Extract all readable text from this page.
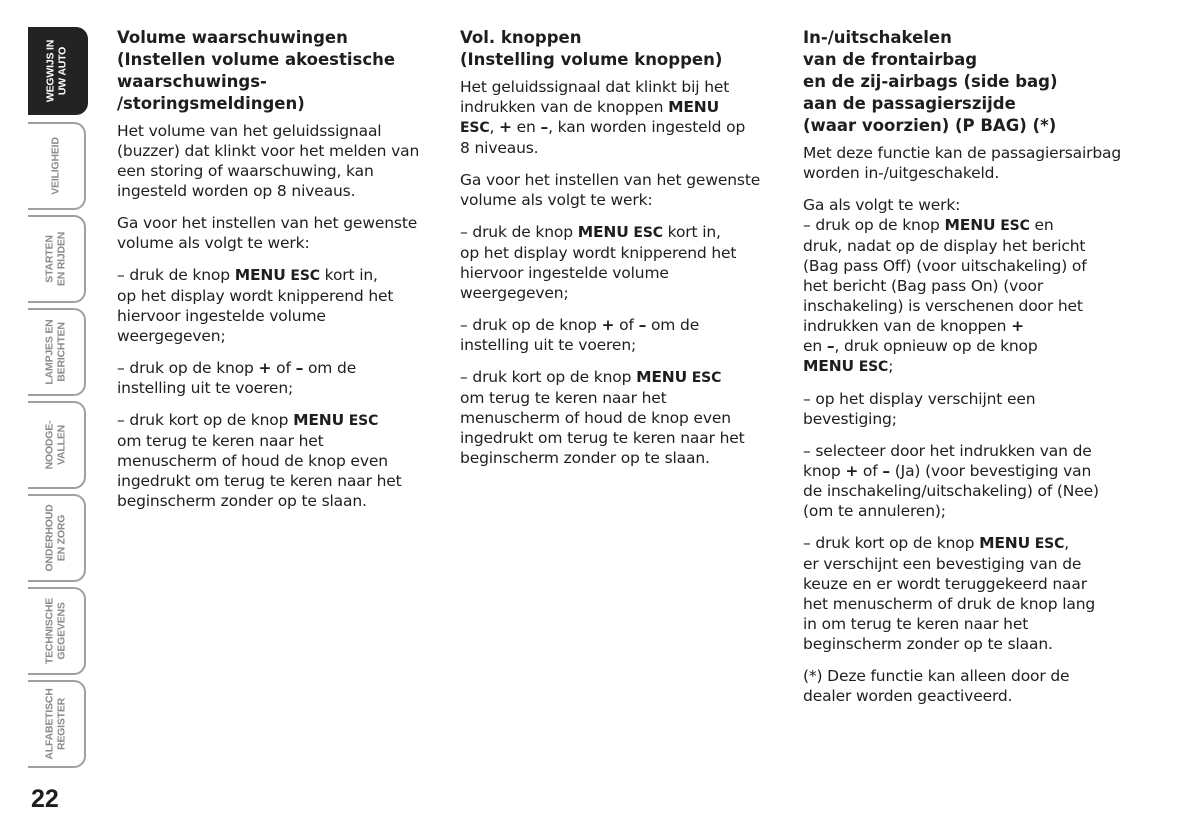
WEGWIJS IN UW AUTO
VEILIGHEID
STARTEN EN RIJDEN
LAMPJES EN BERICHTEN
NOODGE- VALLEN
ONDERHOUD EN ZORG
TECHNISCHE GEGEVENS
ALFABETISCH REGISTER
22
Volume waarschuwingen
(Instellen volume akoestische
waarschuwings-
/storingsmeldingen)
Het volume van het geluidssignaal
(buzzer) dat klinkt voor het melden van
een storing of waarschuwing, kan
ingesteld worden op 8 niveaus.
Ga voor het instellen van het gewenste
volume als volgt te werk:
– druk de knop MENU ESC kort in,
op het display wordt knipperend het
hiervoor ingestelde volume
weergegeven;
– druk op de knop + of – om de
instelling uit te voeren;
– druk kort op de knop MENU ESC
om terug te keren naar het
menuscherm of houd de knop even
ingedrukt om terug te keren naar het
beginscherm zonder op te slaan.
Vol. knoppen
(Instelling volume knoppen)
Het geluidssignaal dat klinkt bij het
indrukken van de knoppen MENU
ESC, + en –, kan worden ingesteld op
8 niveaus.
Ga voor het instellen van het gewenste
volume als volgt te werk:
– druk de knop MENU ESC kort in,
op het display wordt knipperend het
hiervoor ingestelde volume
weergegeven;
– druk op de knop + of – om de
instelling uit te voeren;
– druk kort op de knop MENU ESC
om terug te keren naar het
menuscherm of houd de knop even
ingedrukt om terug te keren naar het
beginscherm zonder op te slaan.
In-/uitschakelen
van de frontairbag
en de zij-airbags (side bag)
aan de passagierszijde
(waar voorzien) (P BAG) (*)
Met deze functie kan de passagiersairbag
worden in-/uitgeschakeld.
Ga als volgt te werk:
– druk op de knop MENU ESC en
druk, nadat op de display het bericht
(Bag pass Off) (voor uitschakeling) of
het bericht (Bag pass On) (voor
inschakeling) is verschenen door het
indrukken van de knoppen +
en –, druk opnieuw op de knop
MENU ESC;
– op het display verschijnt een
bevestiging;
– selecteer door het indrukken van de
knop + of – (Ja) (voor bevestiging van
de inschakeling/uitschakeling) of (Nee)
(om te annuleren);
– druk kort op de knop MENU ESC,
er verschijnt een bevestiging van de
keuze en er wordt teruggekeerd naar
het menuscherm of druk de knop lang
in om terug te keren naar het
beginscherm zonder op te slaan.
(*) Deze functie kan alleen door de
dealer worden geactiveerd.
